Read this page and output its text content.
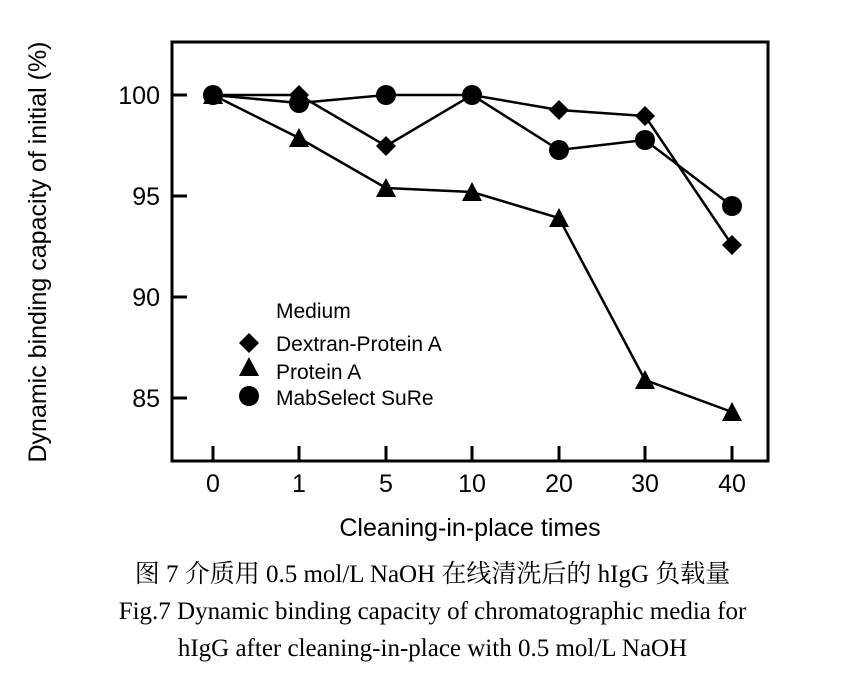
100
95
90
85
0	1	5	10 20 30 40
Cleaning-in-place times
Dynamic binding capacity of initial (%)	Medium
Dextran-Protein A
Protein A
MabSelect SuRe
图 7 介质用 0.5 mol/L NaOH 在线清洗后的 hIgG 负载量
Fig.7 Dynamic binding capacity of chromatographic media for
hIgG after cleaning-in-place with 0.5 mol/L NaOH
